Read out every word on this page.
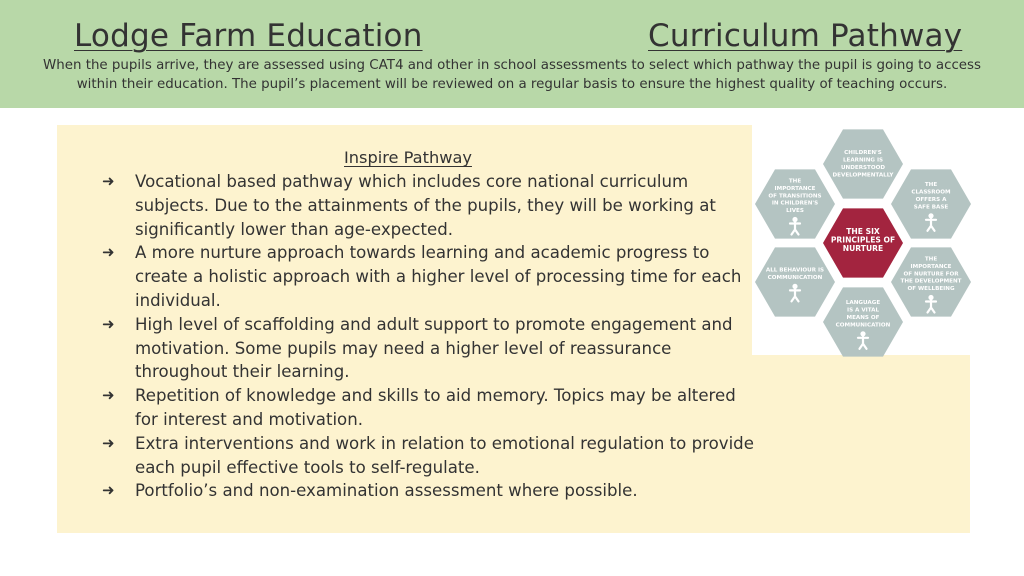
Lodge Farm Education	Curriculum Pathway
When the pupils arrive, they are assessed using CAT4 and other in school assessments to select which pathway the pupil is going to access within their education. The pupil’s placement will be reviewed on a regular basis to ensure the highest quality of teaching occurs.
Inspire Pathway
➜ Vocational based pathway which includes core national curriculum subjects. Due to the attainments of the pupils, they will be working at significantly lower than age-expected.
➜ A more nurture approach towards learning and academic progress to create a holistic approach with a higher level of processing time for each individual.
➜ High level of scaffolding and adult support to promote engagement and motivation. Some pupils may need a higher level of reassurance throughout their learning.
➜ Repetition of knowledge and skills to aid memory. Topics may be altered for interest and motivation.
➜ Extra interventions and work in relation to emotional regulation to provide each pupil effective tools to self-regulate.
➜ Portfolio’s and non-examination assessment where possible.
CHILDREN'S
LEARNING IS
UNDERSTOOD
DEVELOPMENTALLY
THE
IMPORTANCE
OF TRANSITIONS
IN CHILDREN'S
LIVES
THE
CLASSROOM
OFFERS A
SAFE BASE
ALL BEHAVIOUR IS
COMMUNICATION
THE
IMPORTANCE
OF NURTURE FOR
THE DEVELOPMENT
OF WELLBEING
LANGUAGE
IS A VITAL
MEANS OF
COMMUNICATION
THE SIX
PRINCIPLES OF
NURTURE
